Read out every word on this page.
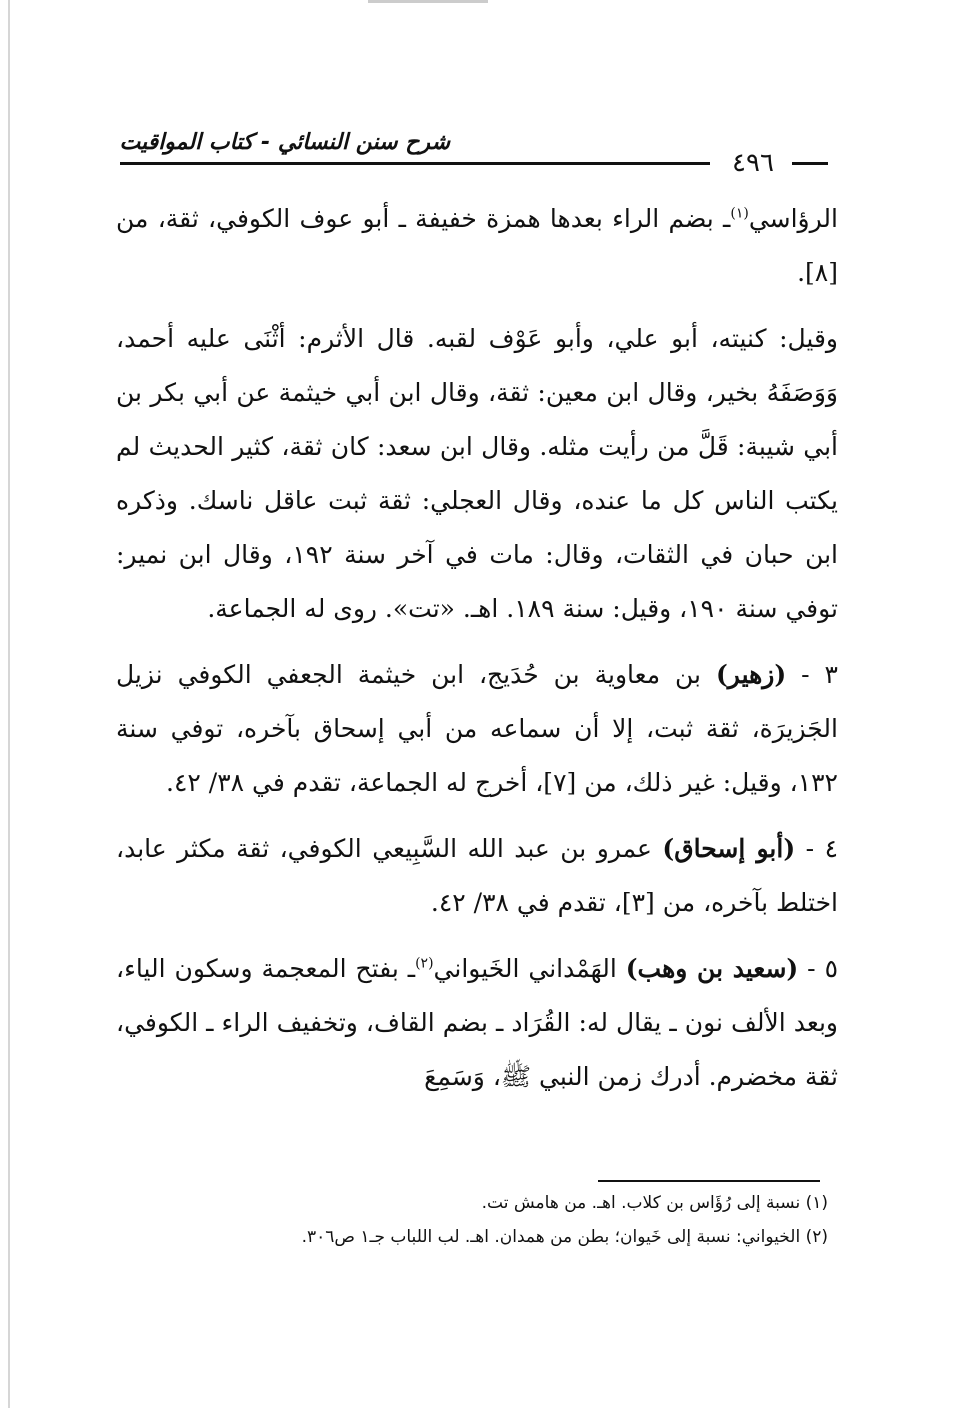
شرح سنن النسائي - كتاب المواقيت
٤٩٦

الرؤاسي$^{(١)}$ـ بضم الراء بعدها همزة خفيفة ـ أبو عوف الكوفي، ثقة، من [٨].

وقيل: كنيته، أبو علي، وأبو عَوْف لقبه. قال الأثرم: أثْنَى عليه أحمد، وَوَصَفَهُ بخير، وقال ابن معين: ثقة، وقال ابن أبي خيثمة عن أبي بكر بن أبي شيبة: قَلَّ من رأيت مثله. وقال ابن سعد: كان ثقة، كثير الحديث لم يكتب الناس كل ما عنده، وقال العجلي: ثقة ثبت عاقل ناسك. وذكره ابن حبان في الثقات، وقال: مات في آخر سنة ١٩٢، وقال ابن نمير: توفي سنة ١٩٠، وقيل: سنة ١٨٩. اهـ. «تت». روى له الجماعة.

٣ - (زهير) بن معاوية بن حُدَيج، ابن خيثمة الجعفي الكوفي نزيل الجَزيرَة، ثقة ثبت، إلا أن سماعه من أبي إسحاق بآخره، توفي سنة ١٣٢، وقيل: غير ذلك، من [٧]، أخرج له الجماعة، تقدم في ٣٨/ ٤٢.

٤ - (أبو إسحاق) عمرو بن عبد الله السَّبِيعي الكوفي، ثقة مكثر عابد، اختلط بآخره، من [٣]، تقدم في ٣٨/ ٤٢.

٥ - (سعيد بن وهب) الهَمْداني الخَيواني$^{(٢)}$ـ بفتح المعجمة وسكون الياء، وبعد الألف نون ـ يقال له: القُرَاد ـ بضم القاف، وتخفيف الراء ـ الكوفي، ثقة مخضرم. أدرك زمن النبي ﷺ، وَسَمِعَ

(١) نسبة إلى رُؤَاس بن كلاب. اهـ. من هامش تت.
(٢) الخيواني: نسبة إلى خَيوان؛ بطن من همدان. اهـ. لب اللباب جـ١ ص٣٠٦.
